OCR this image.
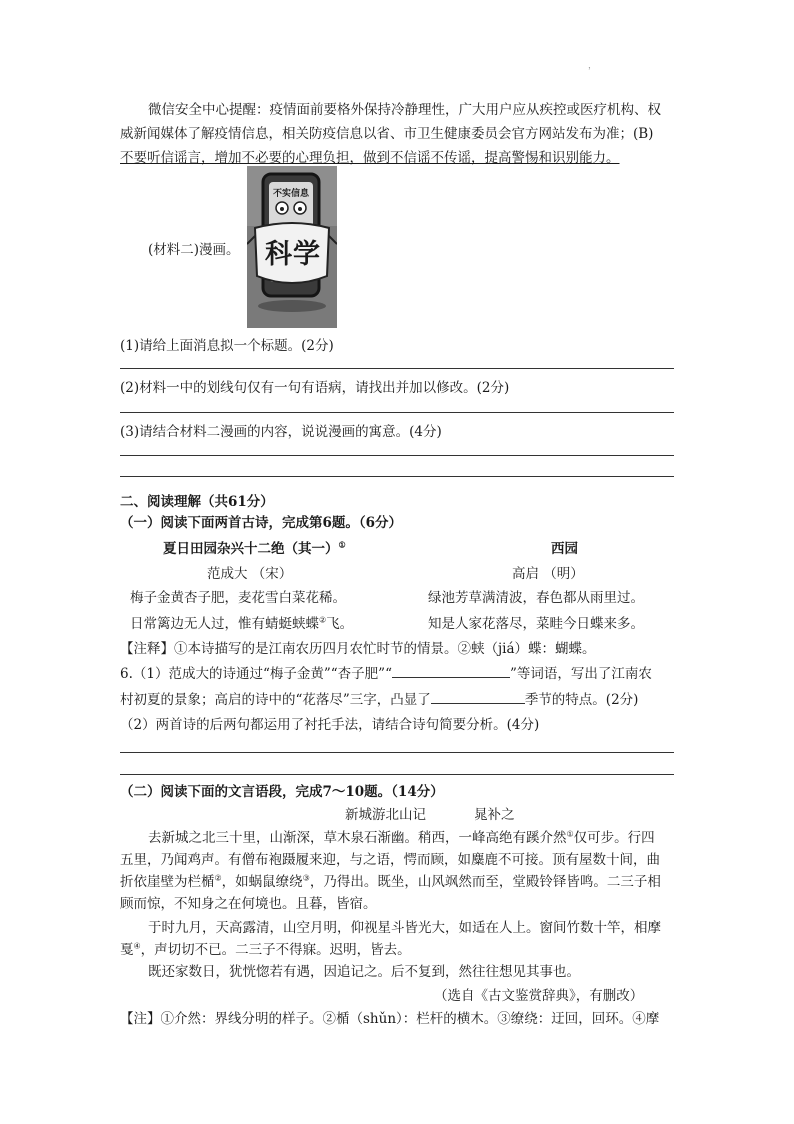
，
微信安全中心提醒：疫情面前要格外保持冷静理性，广大用户应从疾控或医疗机构、权
威新闻媒体了解疫情信息，相关防疫信息以省、市卫生健康委员会官方网站发布为准；(B)
不要听信谣言，增加不必要的心理负担，做到不信谣不传谣，提高警惕和识别能力。
(材料二)漫画。
不实信息
科学
(1)请给上面消息拟一个标题。(2分)
(2)材料一中的划线句仅有一句有语病，请找出并加以修改。(2分)
(3)请结合材料二漫画的内容，说说漫画的寓意。(4分)
二、阅读理解（共61分）
（一）阅读下面两首古诗，完成第6题。（6分）
夏日田园杂兴十二绝（其一）①
范成大 （宋）
梅子金黄杏子肥，麦花雪白菜花稀。
日常篱边无人过，惟有蜻蜓蛱蝶②飞。
西园
高启 （明）
绿池芳草满清波，春色都从雨里过。
知是人家花落尽，菜畦今日蝶来多。
【注释】①本诗描写的是江南农历四月农忙时节的情景。②蛱（jiá）蝶：蝴蝶。
6.（1）范成大的诗通过“梅子金黄”“杏子肥”“	”等词语，写出了江南农
村初夏的景象；高启的诗中的“花落尽”三字，凸显了	季节的特点。(2分)
（2）两首诗的后两句都运用了衬托手法，请结合诗句简要分析。(4分)
（二）阅读下面的文言语段，完成7～10题。（14分）
新城游北山记	晁补之
去新城之北三十里，山渐深，草木泉石渐幽。稍西，一峰高绝有蹊介然①仅可步。行四
五里，乃闻鸡声。有僧布袍蹑履来迎，与之语，愕而顾，如麋鹿不可接。顶有屋数十间，曲
折依崖壁为栏楯②，如蜗鼠缭绕③，乃得出。既坐，山风飒然而至，堂殿铃铎皆鸣。二三子相
顾而惊，不知身之在何境也。且暮，皆宿。
于时九月，天高露清，山空月明，仰视星斗皆光大，如适在人上。窗间竹数十竿，相摩
戛④，声切切不已。二三子不得寐。迟明，皆去。
既还家数日，犹恍惚若有遇，因追记之。后不复到，然往往想见其事也。
（选自《古文鉴赏辞典》，有删改）
【注】①介然：界线分明的样子。②楯（shǔn）：栏杆的横木。③缭绕：迂回，回环。④摩
